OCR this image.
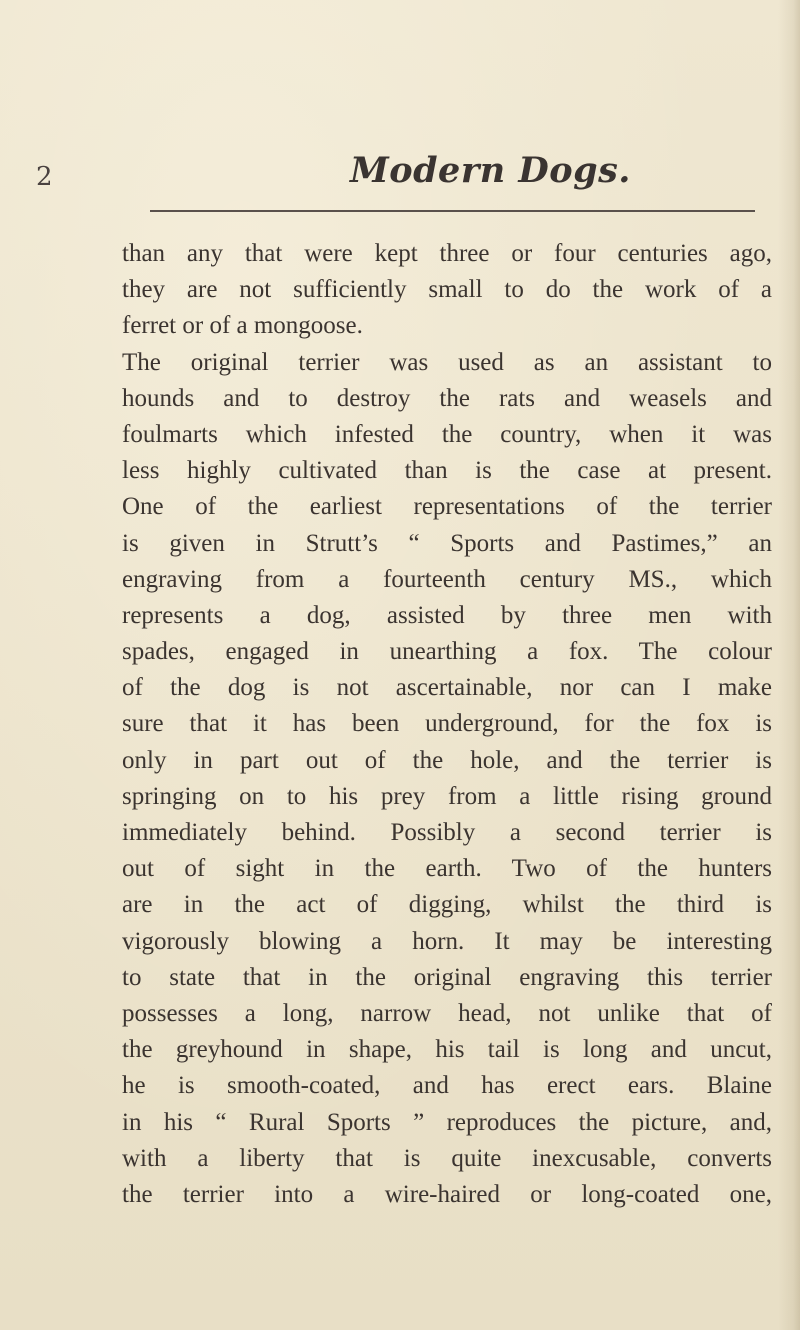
2	Modern Dogs.
than any that were kept three or four centuries ago,
they are not sufficiently small to do the work of a
ferret or of a mongoose.
The original terrier was used as an assistant to
hounds and to destroy the rats and weasels and
foulmarts which infested the country, when it was
less highly cultivated than is the case at present.
One of the earliest representations of the terrier
is given in Strutt’s “ Sports and Pastimes,” an
engraving from a fourteenth century MS., which
represents a dog, assisted by three men with
spades, engaged in unearthing a fox. The colour
of the dog is not ascertainable, nor can I make
sure that it has been underground, for the fox is
only in part out of the hole, and the terrier is
springing on to his prey from a little rising ground
immediately behind. Possibly a second terrier is
out of sight in the earth. Two of the hunters
are in the act of digging, whilst the third is
vigorously blowing a horn. It may be interesting
to state that in the original engraving this terrier
possesses a long, narrow head, not unlike that of
the greyhound in shape, his tail is long and uncut,
he is smooth-coated, and has erect ears. Blaine
in his “ Rural Sports ” reproduces the picture, and,
with a liberty that is quite inexcusable, converts
the terrier into a wire-haired or long-coated one,
